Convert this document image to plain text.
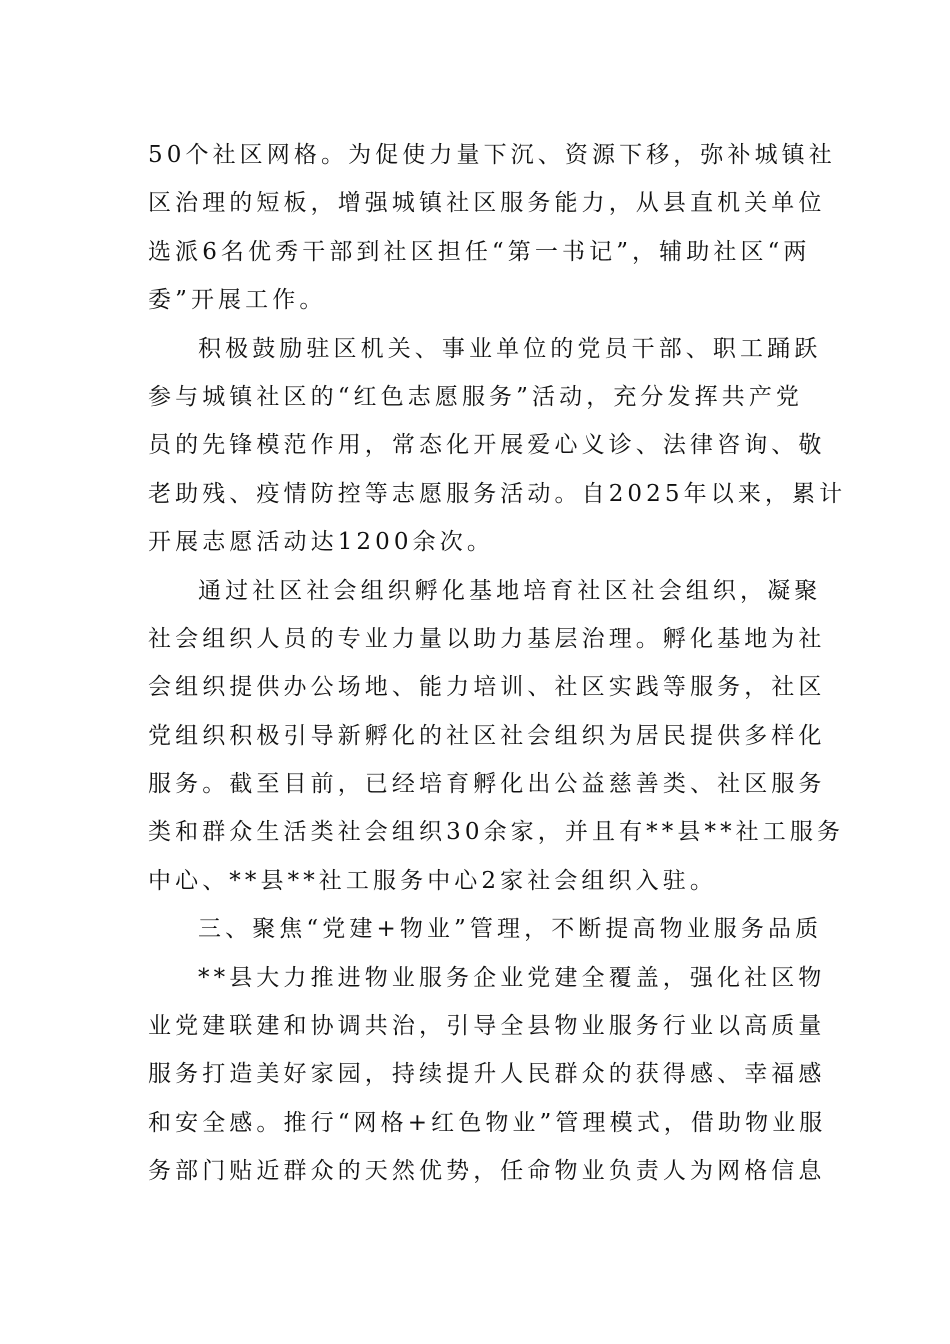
50个社区网格。为促使力量下沉、资源下移，弥补城镇社
区治理的短板，增强城镇社区服务能力，从县直机关单位
选派6名优秀干部到社区担任“第一书记”，辅助社区“两
委”开展工作。
积极鼓励驻区机关、事业单位的党员干部、职工踊跃
参与城镇社区的“红色志愿服务”活动，充分发挥共产党
员的先锋模范作用，常态化开展爱心义诊、法律咨询、敬
老助残、疫情防控等志愿服务活动。自2025年以来，累计
开展志愿活动达1200余次。
通过社区社会组织孵化基地培育社区社会组织，凝聚
社会组织人员的专业力量以助力基层治理。孵化基地为社
会组织提供办公场地、能力培训、社区实践等服务，社区
党组织积极引导新孵化的社区社会组织为居民提供多样化
服务。截至目前，已经培育孵化出公益慈善类、社区服务
类和群众生活类社会组织30余家，并且有**县**社工服务
中心、**县**社工服务中心2家社会组织入驻。
三、聚焦“党建+物业”管理，不断提高物业服务品质
**县大力推进物业服务企业党建全覆盖，强化社区物
业党建联建和协调共治，引导全县物业服务行业以高质量
服务打造美好家园，持续提升人民群众的获得感、幸福感
和安全感。推行“网格+红色物业”管理模式，借助物业服
务部门贴近群众的天然优势，任命物业负责人为网格信息
